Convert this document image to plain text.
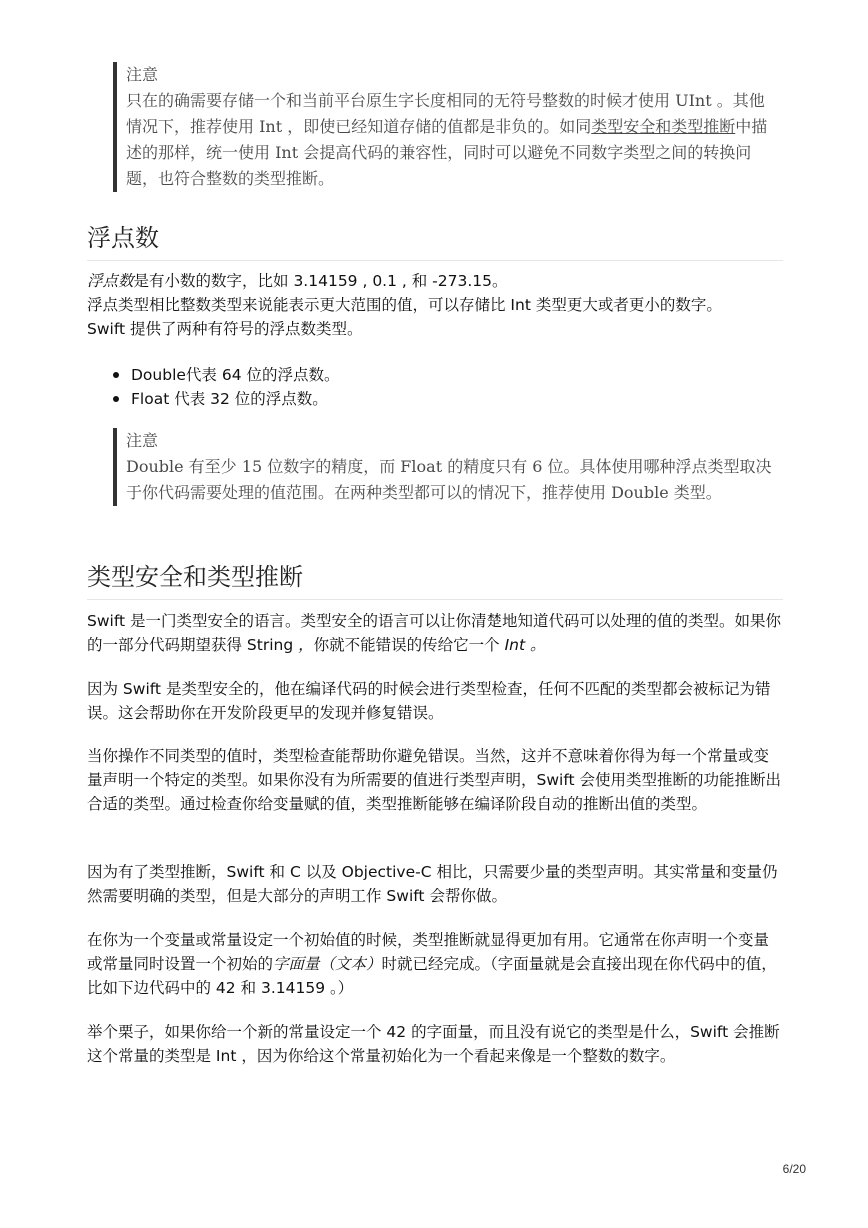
注意
只在的确需要存储一个和当前平台原生字长度相同的无符号整数的时候才使用 UInt 。其他情况下，推荐使用 Int ，即使已经知道存储的值都是非负的。如同类型安全和类型推断中描述的那样，统一使用 Int 会提高代码的兼容性，同时可以避免不同数字类型之间的转换问题，也符合整数的类型推断。
浮点数

浮点数是有小数的数字，比如 3.14159 , 0.1 , 和 -273.15。
浮点类型相比整数类型来说能表示更大范围的值，可以存储比 Int 类型更大或者更小的数字。
Swift 提供了两种有符号的浮点数类型。

Double代表 64 位的浮点数。
Float 代表 32 位的浮点数。
注意
Double 有至少 15 位数字的精度，而 Float 的精度只有 6 位。具体使用哪种浮点类型取决于你代码需要处理的值范围。在两种类型都可以的情况下，推荐使用 Double 类型。
类型安全和类型推断

Swift 是一门类型安全的语言。类型安全的语言可以让你清楚地知道代码可以处理的值的类型。如果你的一部分代码期望获得 String ，你就不能错误的传给它一个 Int 。

因为 Swift 是类型安全的，他在编译代码的时候会进行类型检查，任何不匹配的类型都会被标记为错误。这会帮助你在开发阶段更早的发现并修复错误。

当你操作不同类型的值时，类型检查能帮助你避免错误。当然，这并不意味着你得为每一个常量或变量声明一个特定的类型。如果你没有为所需要的值进行类型声明，Swift 会使用类型推断的功能推断出合适的类型。通过检查你给变量赋的值，类型推断能够在编译阶段自动的推断出值的类型。

因为有了类型推断，Swift 和 C 以及 Objective-C 相比，只需要少量的类型声明。其实常量和变量仍然需要明确的类型，但是大部分的声明工作 Swift 会帮你做。

在你为一个变量或常量设定一个初始值的时候，类型推断就显得更加有用。它通常在你声明一个变量或常量同时设置一个初始的字面量（文本）时就已经完成。（字面量就是会直接出现在你代码中的值，比如下边代码中的 42 和 3.14159 。）

举个栗子，如果你给一个新的常量设定一个 42 的字面量，而且没有说它的类型是什么，Swift 会推断这个常量的类型是 Int ，因为你给这个常量初始化为一个看起来像是一个整数的数字。

6/20
